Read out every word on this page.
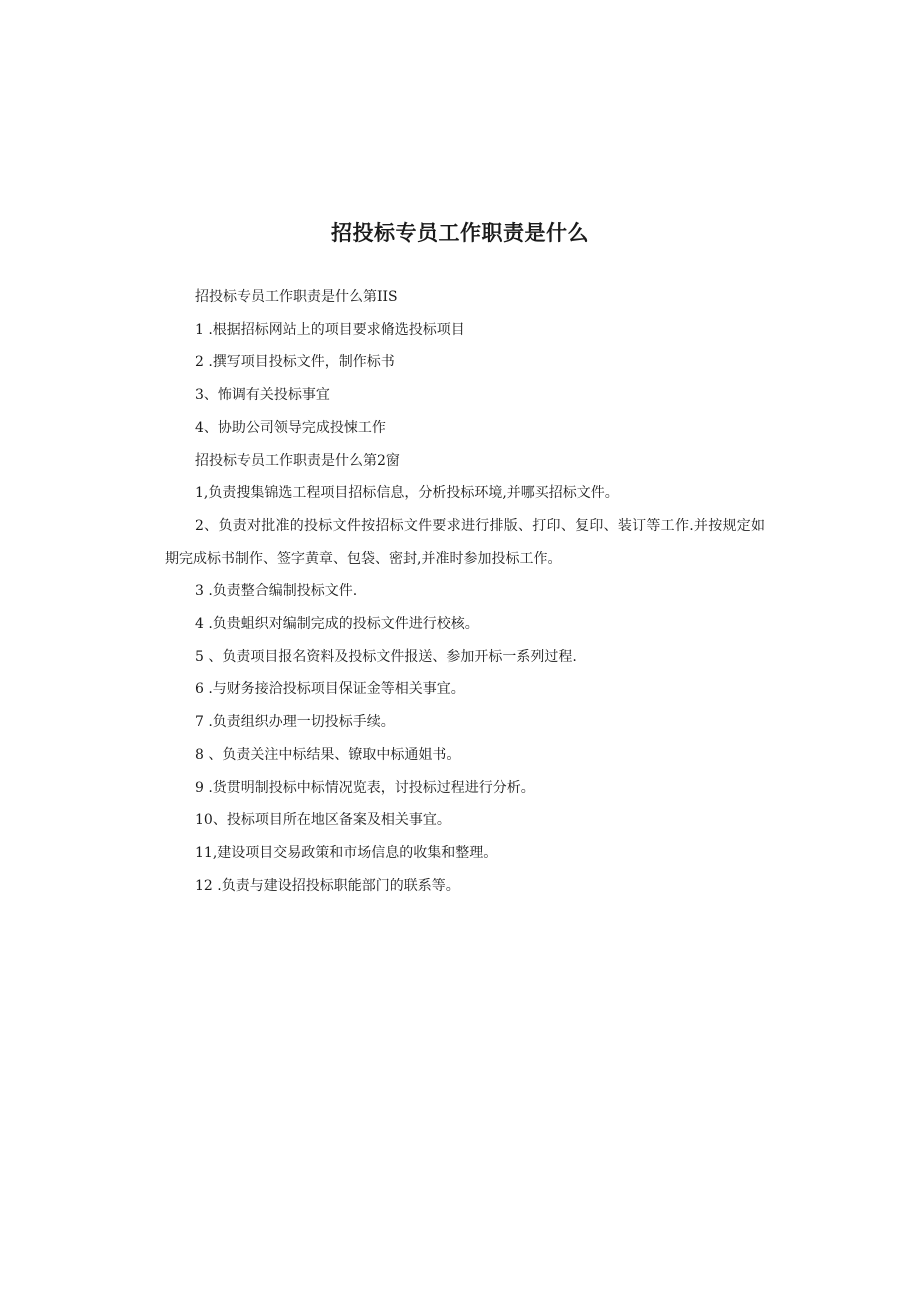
招投标专员工作职责是什么

招投标专员工作职责是什么第IIS

1 .根据招标网站上的项目要求脩选投标项目

2 .撰写项目投标文件，制作标书

3、怖调有关投标事宜

4、协助公司领导完成投悚工作

招投标专员工作职责是什么第2窗

1,负责搜集锦选工程项目招标信息，分析投标环境,并哪买招标文件。

2、负责对批准的投标文件按招标文件要求进行排版、打印、复印、装订等工作.并按规定如期完成标书制作、签字黄章、包袋、密封,并准时参加投标工作。

3 .负责整合编制投标文件.

4 .负贵蛆织对编制完成的投标文件进行校核。

5 、负责项目报名资料及投标文件报送、参加开标一系列过程.

6 .与财务接洽投标项目保证金等相关事宜。

7 .负责组织办理一切投标手续。

8 、负责关注中标结果、镣取中标通姐书。

9 .货贯明制投标中标情况览表，讨投标过程进行分析。

10、投标项目所在地区备案及相关事宜。

11,建设项目交易政策和市场信息的收集和整理。

12 .负责与建设招投标职能部门的联系等。
